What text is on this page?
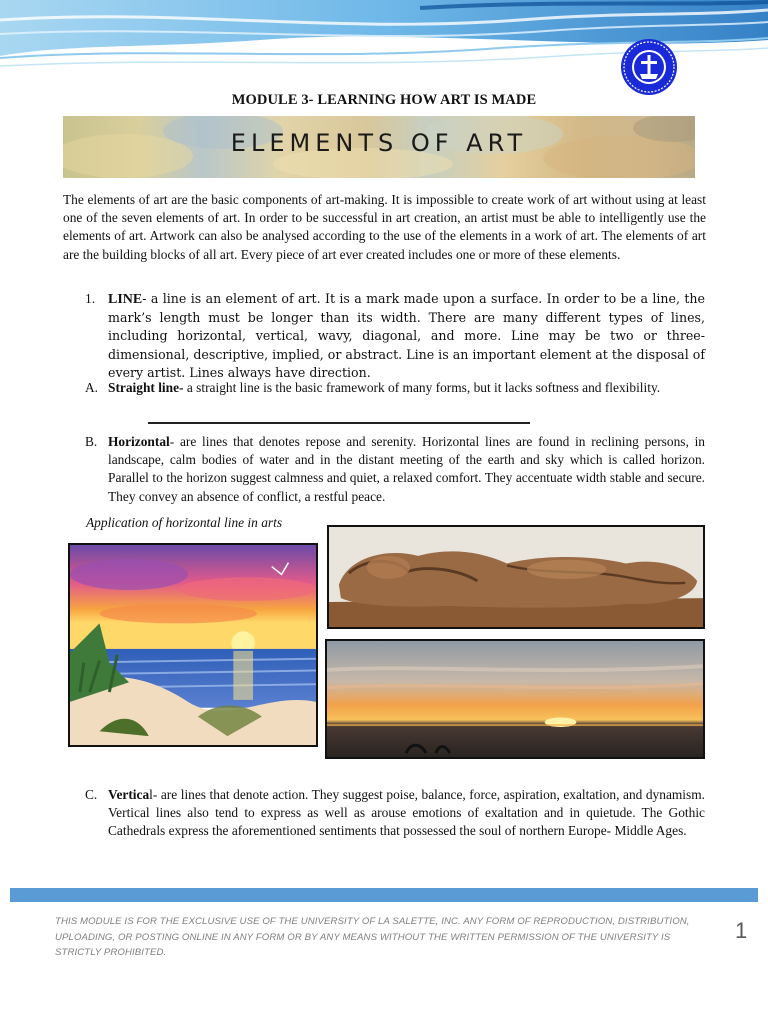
MODULE 3- LEARNING HOW ART IS MADE
ELEMENTS OF ART

The elements of art are the basic components of art-making. It is impossible to create work of art without using at least one of the seven elements of art. In order to be successful in art creation, an artist must be able to intelligently use the elements of art. Artwork can also be analysed according to the use of the elements in a work of art. The elements of art are the building blocks of all art. Every piece of art ever created includes one or more of these elements.

1. LINE- a line is an element of art. It is a mark made upon a surface. In order to be a line, the mark’s length must be longer than its width. There are many different types of lines, including horizontal, vertical, wavy, diagonal, and more. Line may be two or three-dimensional, descriptive, implied, or abstract. Line is an important element at the disposal of every artist. Lines always have direction.
A. Straight line- a straight line is the basic framework of many forms, but it lacks softness and flexibility.
B. Horizontal- are lines that denotes repose and serenity. Horizontal lines are found in reclining persons, in landscape, calm bodies of water and in the distant meeting of the earth and sky which is called horizon. Parallel to the horizon suggest calmness and quiet, a relaxed comfort. They accentuate width stable and secure. They convey an absence of conflict, a restful peace.
Application of horizontal line in arts
C. Vertical- are lines that denote action. They suggest poise, balance, force, aspiration, exaltation, and dynamism. Vertical lines also tend to express as well as arouse emotions of exaltation and in quietude. The Gothic Cathedrals express the aforementioned sentiments that possessed the soul of northern Europe- Middle Ages.
THIS MODULE IS FOR THE EXCLUSIVE USE OF THE UNIVERSITY OF LA SALETTE, INC. ANY FORM OF REPRODUCTION, DISTRIBUTION, UPLOADING, OR POSTING ONLINE IN ANY FORM OR BY ANY MEANS WITHOUT THE WRITTEN PERMISSION OF THE UNIVERSITY IS STRICTLY PROHIBITED.
1
